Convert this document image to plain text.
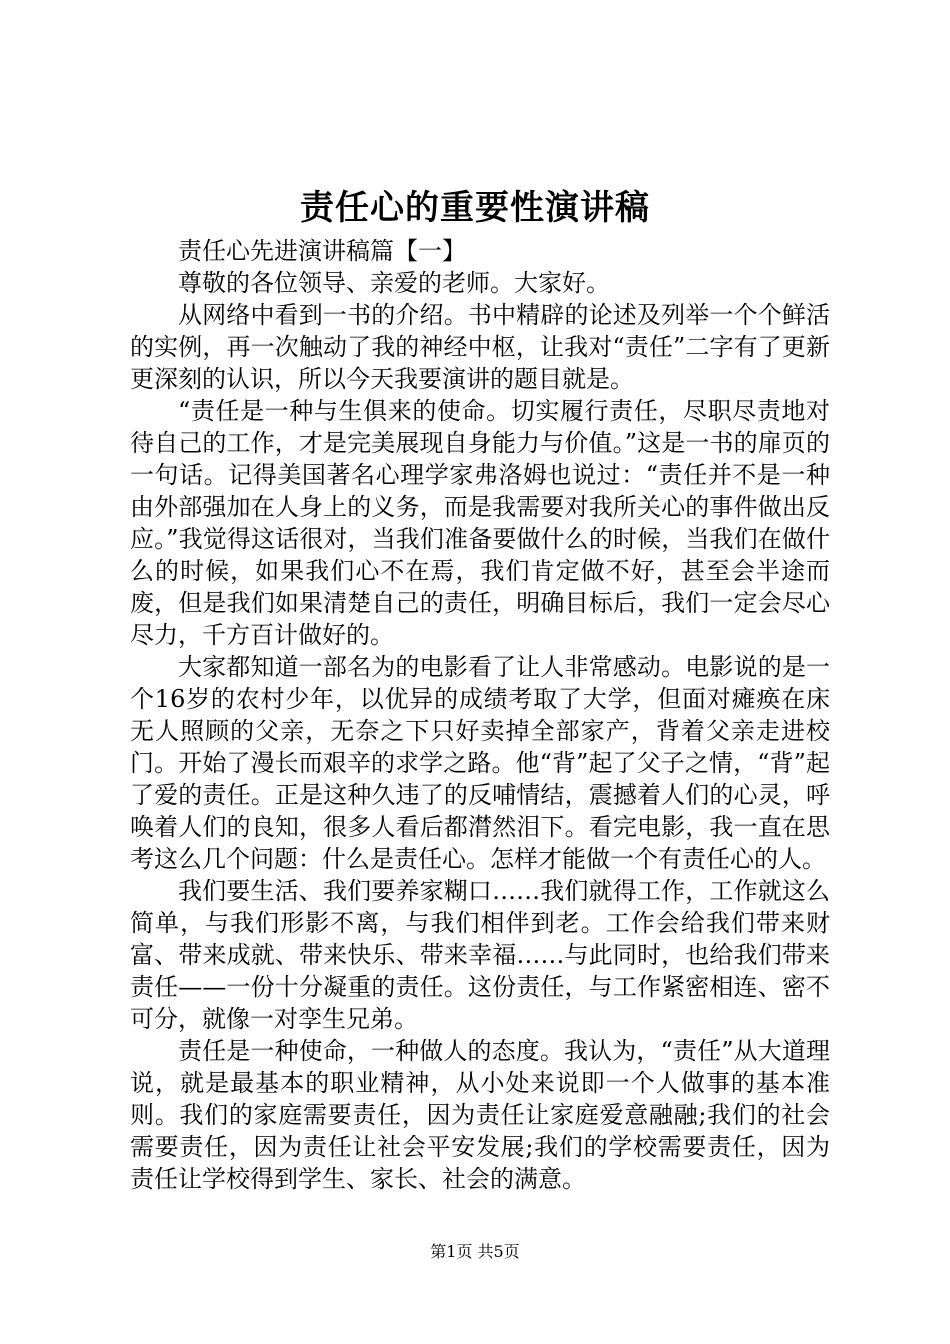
责任心的重要性演讲稿

责任心先进演讲稿篇【一】

尊敬的各位领导、亲爱的老师。大家好。

从网络中看到一书的介绍。书中精辟的论述及列举一个个鲜活的实例，再一次触动了我的神经中枢，让我对“责任”二字有了更新更深刻的认识，所以今天我要演讲的题目就是。

“责任是一种与生俱来的使命。切实履行责任，尽职尽责地对待自己的工作，才是完美展现自身能力与价值。”这是一书的扉页的一句话。记得美国著名心理学家弗洛姆也说过：“责任并不是一种由外部强加在人身上的义务，而是我需要对我所关心的事件做出反应。”我觉得这话很对，当我们准备要做什么的时候，当我们在做什么的时候，如果我们心不在焉，我们肯定做不好，甚至会半途而废，但是我们如果清楚自己的责任，明确目标后，我们一定会尽心尽力，千方百计做好的。

大家都知道一部名为的电影看了让人非常感动。电影说的是一个16岁的农村少年，以优异的成绩考取了大学，但面对瘫痪在床无人照顾的父亲，无奈之下只好卖掉全部家产，背着父亲走进校门。开始了漫长而艰辛的求学之路。他“背”起了父子之情，“背”起了爱的责任。正是这种久违了的反哺情结，震撼着人们的心灵，呼唤着人们的良知，很多人看后都潸然泪下。看完电影，我一直在思考这么几个问题：什么是责任心。怎样才能做一个有责任心的人。

我们要生活、我们要养家糊口……我们就得工作，工作就这么简单，与我们形影不离，与我们相伴到老。工作会给我们带来财富、带来成就、带来快乐、带来幸福……与此同时，也给我们带来责任——一份十分凝重的责任。这份责任，与工作紧密相连、密不可分，就像一对孪生兄弟。

责任是一种使命，一种做人的态度。我认为，“责任”从大道理说，就是最基本的职业精神，从小处来说即一个人做事的基本准则。我们的家庭需要责任，因为责任让家庭爱意融融;我们的社会需要责任，因为责任让社会平安发展;我们的学校需要责任，因为责任让学校得到学生、家长、社会的满意。

第1页 共5页
